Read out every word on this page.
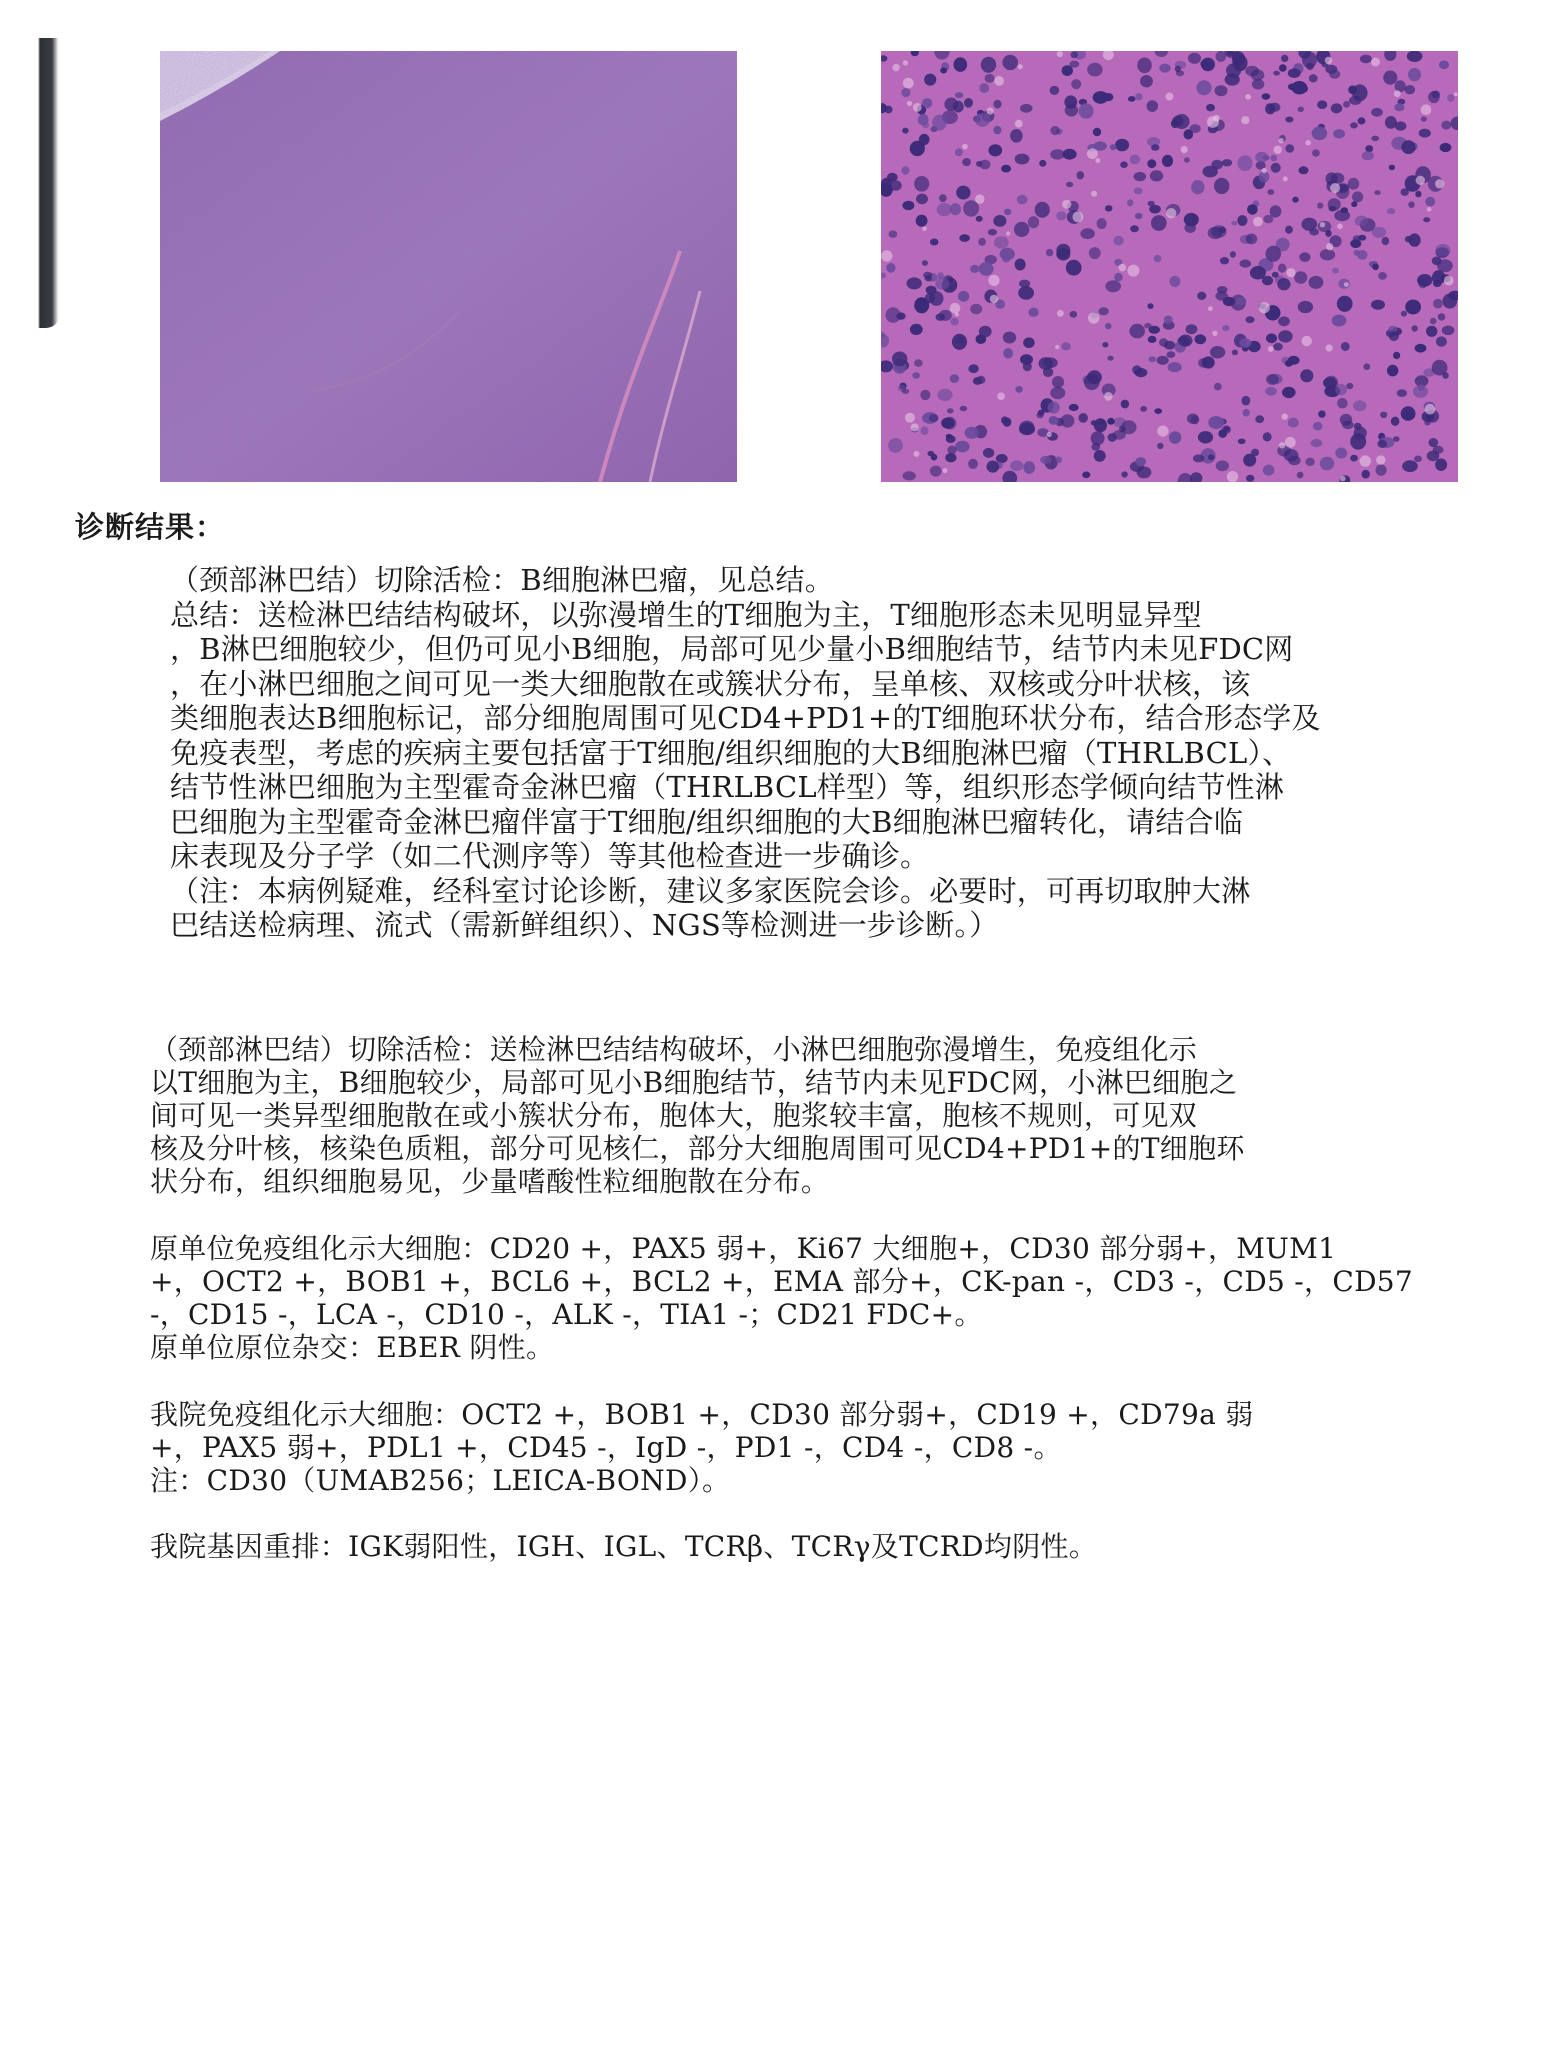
诊断结果：
（颈部淋巴结）切除活检：B细胞淋巴瘤，见总结。
总结：送检淋巴结结构破坏，以弥漫增生的T细胞为主，T细胞形态未见明显异型
，B淋巴细胞较少，但仍可见小B细胞，局部可见少量小B细胞结节，结节内未见FDC网
，在小淋巴细胞之间可见一类大细胞散在或簇状分布，呈单核、双核或分叶状核，该
类细胞表达B细胞标记，部分细胞周围可见CD4+PD1+的T细胞环状分布，结合形态学及
免疫表型，考虑的疾病主要包括富于T细胞/组织细胞的大B细胞淋巴瘤（THRLBCL）、
结节性淋巴细胞为主型霍奇金淋巴瘤（THRLBCL样型）等，组织形态学倾向结节性淋
巴细胞为主型霍奇金淋巴瘤伴富于T细胞/组织细胞的大B细胞淋巴瘤转化，请结合临
床表现及分子学（如二代测序等）等其他检查进一步确诊。
（注：本病例疑难，经科室讨论诊断，建议多家医院会诊。必要时，可再切取肿大淋
巴结送检病理、流式（需新鲜组织）、NGS等检测进一步诊断。）
（颈部淋巴结）切除活检：送检淋巴结结构破坏，小淋巴细胞弥漫增生，免疫组化示
以T细胞为主，B细胞较少，局部可见小B细胞结节，结节内未见FDC网，小淋巴细胞之
间可见一类异型细胞散在或小簇状分布，胞体大，胞浆较丰富，胞核不规则，可见双
核及分叶核，核染色质粗，部分可见核仁，部分大细胞周围可见CD4+PD1+的T细胞环
状分布，组织细胞易见，少量嗜酸性粒细胞散在分布。
原单位免疫组化示大细胞：CD20 +，PAX5 弱+，Ki67 大细胞+，CD30 部分弱+，MUM1
+，OCT2 +，BOB1 +，BCL6 +，BCL2 +，EMA 部分+，CK-pan -，CD3 -，CD5 -，CD57
-，CD15 -，LCA -，CD10 -，ALK -，TIA1 -；CD21 FDC+。
原单位原位杂交：EBER 阴性。
我院免疫组化示大细胞：OCT2 +，BOB1 +，CD30 部分弱+，CD19 +，CD79a 弱
+，PAX5 弱+，PDL1 +，CD45 -，IgD -，PD1 -，CD4 -，CD8 -。
注：CD30（UMAB256；LEICA-BOND）。
我院基因重排：IGK弱阳性，IGH、IGL、TCRβ、TCRγ及TCRD均阴性。
